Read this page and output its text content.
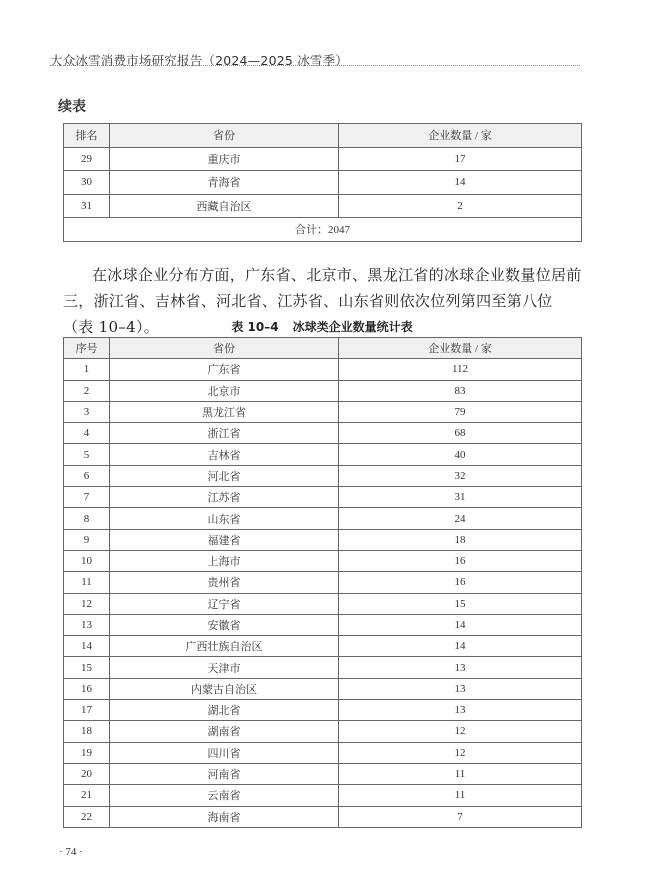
大众冰雪消费市场研究报告（2024—2025 冰雪季）
续表
排名	省份	企业数量 / 家
29	重庆市	17
30	青海省	14
31	西藏自治区	2
合计：2047		
在冰球企业分布方面，广东省、北京市、黑龙江省的冰球企业数量位居前三，浙江省、吉林省、河北省、江苏省、山东省则依次位列第四至第八位（表 10–4）。	表 10–4 冰球类企业数量统计表
序号	省份	企业数量 / 家
1	广东省	112
2	北京市	83
3	黑龙江省	79
4	浙江省	68
5	吉林省	40
6	河北省	32
7	江苏省	31
8	山东省	24
9	福建省	18
10	上海市	16
11	贵州省	16
12	辽宁省	15
13	安徽省	14
14	广西壮族自治区	14
15	天津市	13
16	内蒙古自治区	13
17	湖北省	13
18	湖南省	12
19	四川省	12
20	河南省	11
21	云南省	11
22	海南省	7
· 74 ·
